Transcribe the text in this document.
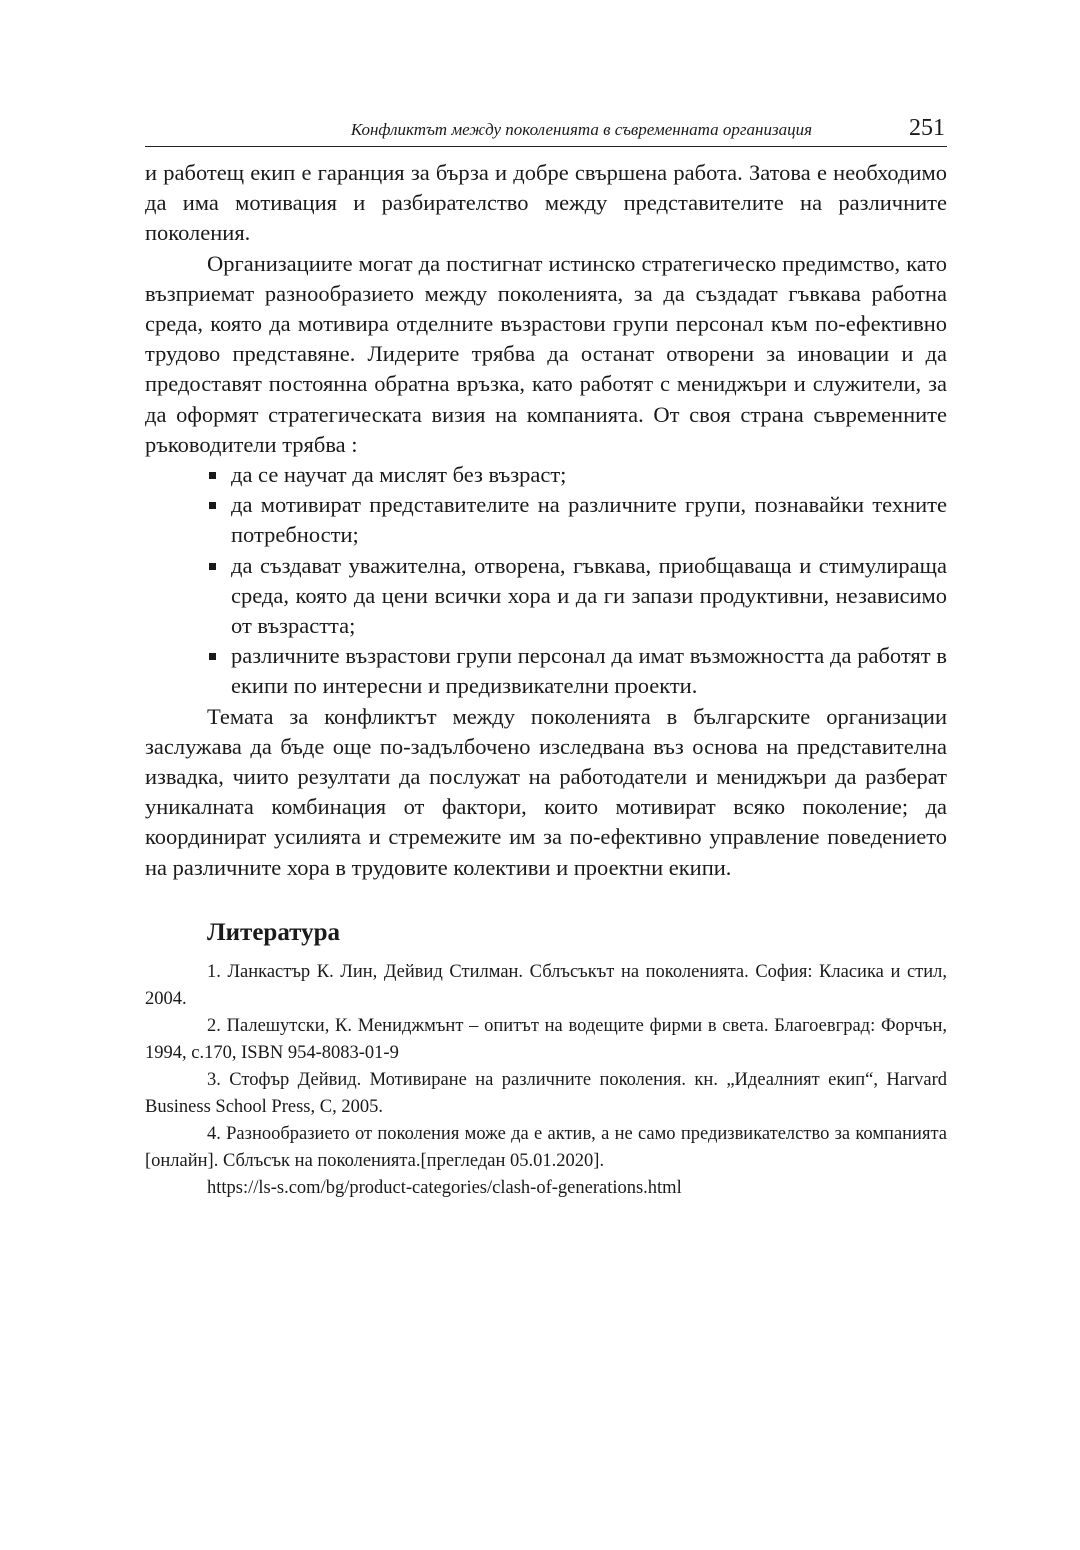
Конфликтът между поколенията в съвременната организация	251

и работещ екип е гаранция за бърза и добре свършена работа. Затова е необходимо да има мотивация и разбирателство между представителите на различните поколения.

Организациите могат да постигнат истинско стратегическо предимство, като възприемат разнообразието между поколенията, за да създадат гъвкава работна среда, която да мотивира отделните възрастови групи персонал към по-ефективно трудово представяне. Лидерите трябва да останат отворени за иновации и да предоставят постоянна обратна връзка, като работят с мениджъри и служители, за да оформят стратегическата визия на компанията. От своя страна съвременните ръководители трябва :

да се научат да мислят без възраст;
да мотивират представителите на различните групи, познавайки техните потребности;
да създават уважителна, отворена, гъвкава, приобщаваща и стимулираща среда, която да цени всички хора и да ги запази продуктивни, независимо от възрастта;
различните възрастови групи персонал да имат възможността да работят в екипи по интересни и предизвикателни проекти.

Темата за конфликтът между поколенията в българските организации заслужава да бъде още по-задълбочено изследвана въз основа на представителна извадка, чиито резултати да послужат на работодатели и мениджъри да разберат уникалната комбинация от фактори, които мотивират всяко поколение; да координират усилията и стремежите им за по-ефективно управление поведението на различните хора в трудовите колективи и проектни екипи.

Литература

1. Ланкастър К. Лин, Дейвид Стилман. Сблъсъкът на поколенията. София: Класика и стил, 2004.

2. Палешутски, К. Мениджмънт – опитът на водещите фирми в света. Благоевград: Форчън, 1994, с.170, ISBN 954-8083-01-9

3. Стофър Дейвид. Мотивиране на различните поколения. кн. „Идеалният екип“, Harvard Business School Press, С, 2005.

4. Разнообразието от поколения може да е актив, а не само предизвикателство за компанията [онлайн]. Сблъсък на поколенията.[прегледан 05.01.2020].

https://ls-s.com/bg/product-categories/clash-of-generations.html
